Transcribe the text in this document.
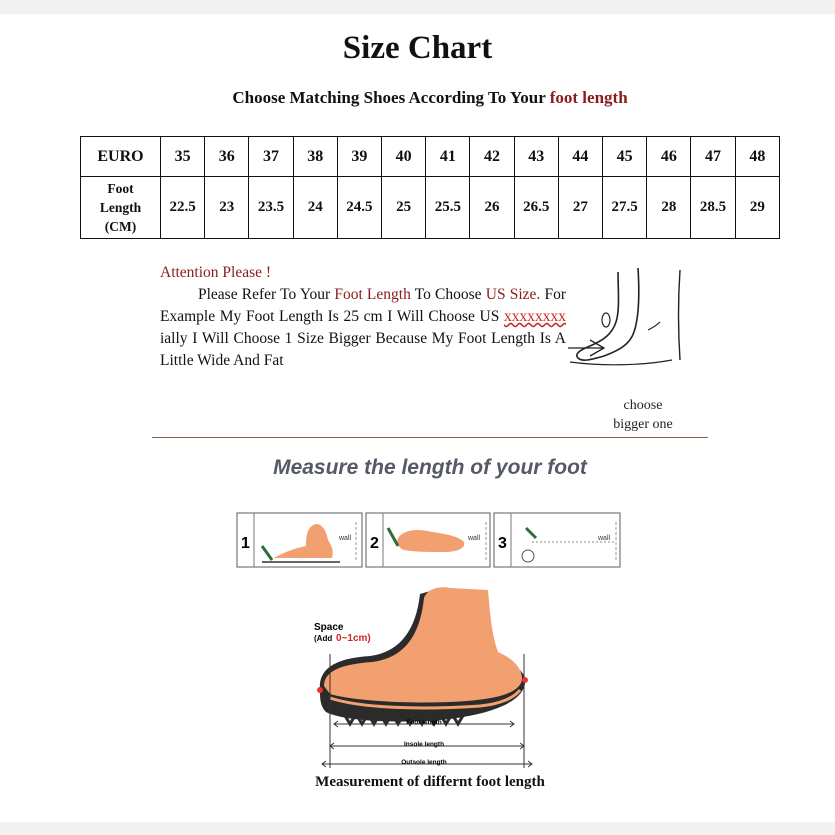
Size Chart
Choose Matching Shoes According To Your foot length
EURO	35	36	37	38	39	40	41	42	43	44	45	46	47	48
Foot
Length
(CM)	22.5	23	23.5	24	24.5	25	25.5	26	26.5	27	27.5	28	28.5	29
Attention Please !

Please Refer To Your Foot Length To Choose US Size. For Example My Foot Length Is 25 cm I Will Choose US xxxxxxxx ially I Will Choose 1 Size Bigger Because My Foot Length Is A Little Wide And Fat

choose
bigger one
Measure the length of your foot
1	wall 2	wall 3	wall
Space
(Add 0~1cm)
Foot length
Insole length
Outsole length
Measurement of differnt foot length
